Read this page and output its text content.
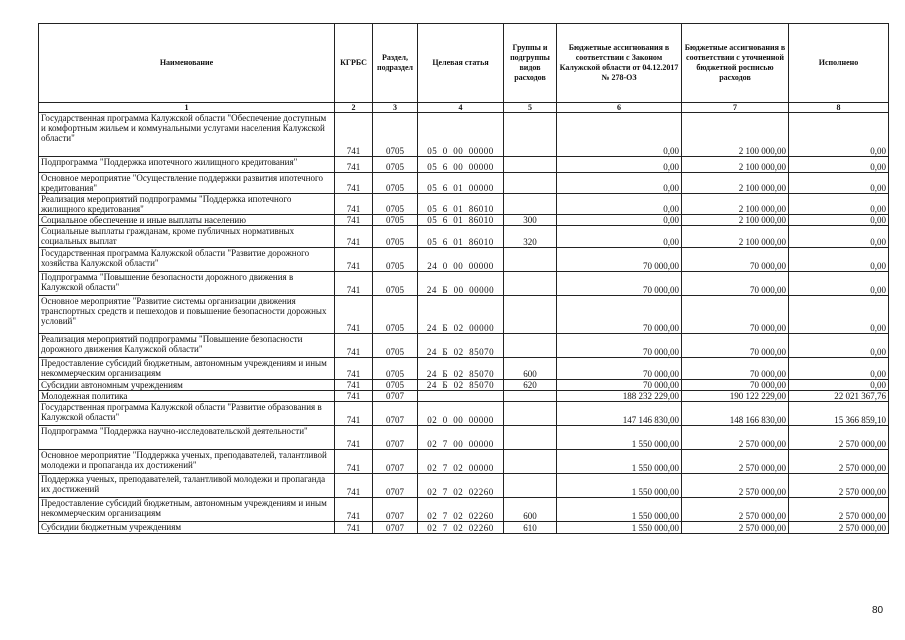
Наименование	КГРБС	Раздел, подраздел	Целевая статья	Группы и подгруппы видов расходов	Бюджетные ассигнования в соответствии с Законом Калужской области от 04.12.2017 № 278-ОЗ	Бюджетные ассигнования в соответствии с уточненной бюджетной росписью расходов	Исполнено
1	2	3	4	5	6	7	8
Государственная программа Калужской области "Обеспечение доступным и комфортным жильем и коммунальными услугами населения Калужской области"	741	0705	05  0  00  00000		0,00	2 100 000,00	0,00
Подпрограмма "Поддержка ипотечного жилищного кредитования"	741	0705	05  6  00  00000		0,00	2 100 000,00	0,00
Основное мероприятие "Осуществление поддержки развития ипотечного кредитования"	741	0705	05  6  01  00000		0,00	2 100 000,00	0,00
Реализация мероприятий подпрограммы "Поддержка ипотечного жилищного кредитования"	741	0705	05  6  01  86010		0,00	2 100 000,00	0,00
Социальное обеспечение и иные выплаты населению	741	0705	05  6  01  86010	300	0,00	2 100 000,00	0,00
Социальные выплаты гражданам, кроме публичных нормативных социальных выплат	741	0705	05  6  01  86010	320	0,00	2 100 000,00	0,00
Государственная программа Калужской области "Развитие дорожного хозяйства Калужской области"	741	0705	24  0  00  00000		70 000,00	70 000,00	0,00
Подпрограмма "Повышение безопасности дорожного движения в Калужской области"	741	0705	24  Б  00  00000		70 000,00	70 000,00	0,00
Основное мероприятие "Развитие системы организации движения транспортных средств и пешеходов и повышение безопасности дорожных условий"	741	0705	24  Б  02  00000		70 000,00	70 000,00	0,00
Реализация мероприятий подпрограммы "Повышение безопасности дорожного движения Калужской области"	741	0705	24  Б  02  85070		70 000,00	70 000,00	0,00
Предоставление субсидий бюджетным, автономным учреждениям и иным некоммерческим организациям	741	0705	24  Б  02  85070	600	70 000,00	70 000,00	0,00
Субсидии автономным учреждениям	741	0705	24  Б  02  85070	620	70 000,00	70 000,00	0,00
Молодежная политика	741	0707			188 232 229,00	190 122 229,00	22 021 367,76
Государственная программа Калужской области "Развитие образования в Калужской области"	741	0707	02  0  00  00000		147 146 830,00	148 166 830,00	15 366 859,10
Подпрограмма "Поддержка научно-исследовательской деятельности"	741	0707	02  7  00  00000		1 550 000,00	2 570 000,00	2 570 000,00
Основное мероприятие "Поддержка ученых, преподавателей, талантливой молодежи и пропаганда их достижений"	741	0707	02  7  02  00000		1 550 000,00	2 570 000,00	2 570 000,00
Поддержка ученых, преподавателей, талантливой молодежи и пропаганда их достижений	741	0707	02  7  02  02260		1 550 000,00	2 570 000,00	2 570 000,00
Предоставление субсидий бюджетным, автономным учреждениям и иным некоммерческим организациям	741	0707	02  7  02  02260	600	1 550 000,00	2 570 000,00	2 570 000,00
Субсидии бюджетным учреждениям	741	0707	02  7  02  02260	610	1 550 000,00	2 570 000,00	2 570 000,00
80
